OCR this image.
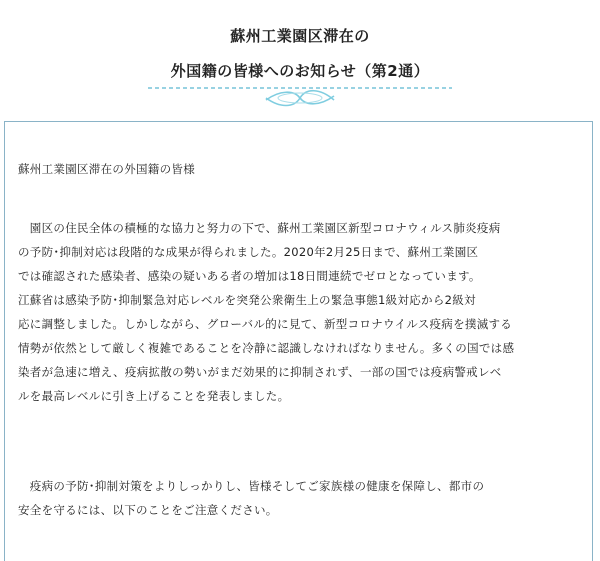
蘇州工業園区滞在の
外国籍の皆様へのお知らせ（第2通）
蘇州工業園区滞在の外国籍の皆様
　園区の住民全体の積極的な協力と努力の下で、蘇州工業園区新型コロナウィルス肺炎疫病
の予防･抑制対応は段階的な成果が得られました。2020年2月25日まで、蘇州工業園区
では確認された感染者、感染の疑いある者の増加は18日間連続でゼロとなっています。
江蘇省は感染予防･抑制緊急対応レベルを突発公衆衛生上の緊急事態1級対応から2級対
応に調整しました。しかしながら、グローバル的に見て、新型コロナウイルス疫病を撲滅する
情勢が依然として厳しく複雑であることを冷静に認識しなければなりません。多くの国では感
染者が急速に増え、疫病拡散の勢いがまだ効果的に抑制されず、一部の国では疫病警戒レベ
ルを最高レベルに引き上げることを発表しました。
　疫病の予防･抑制対策をよりしっかりし、皆様そしてご家族様の健康を保障し、都市の
安全を守るには、以下のことをご注意ください。
